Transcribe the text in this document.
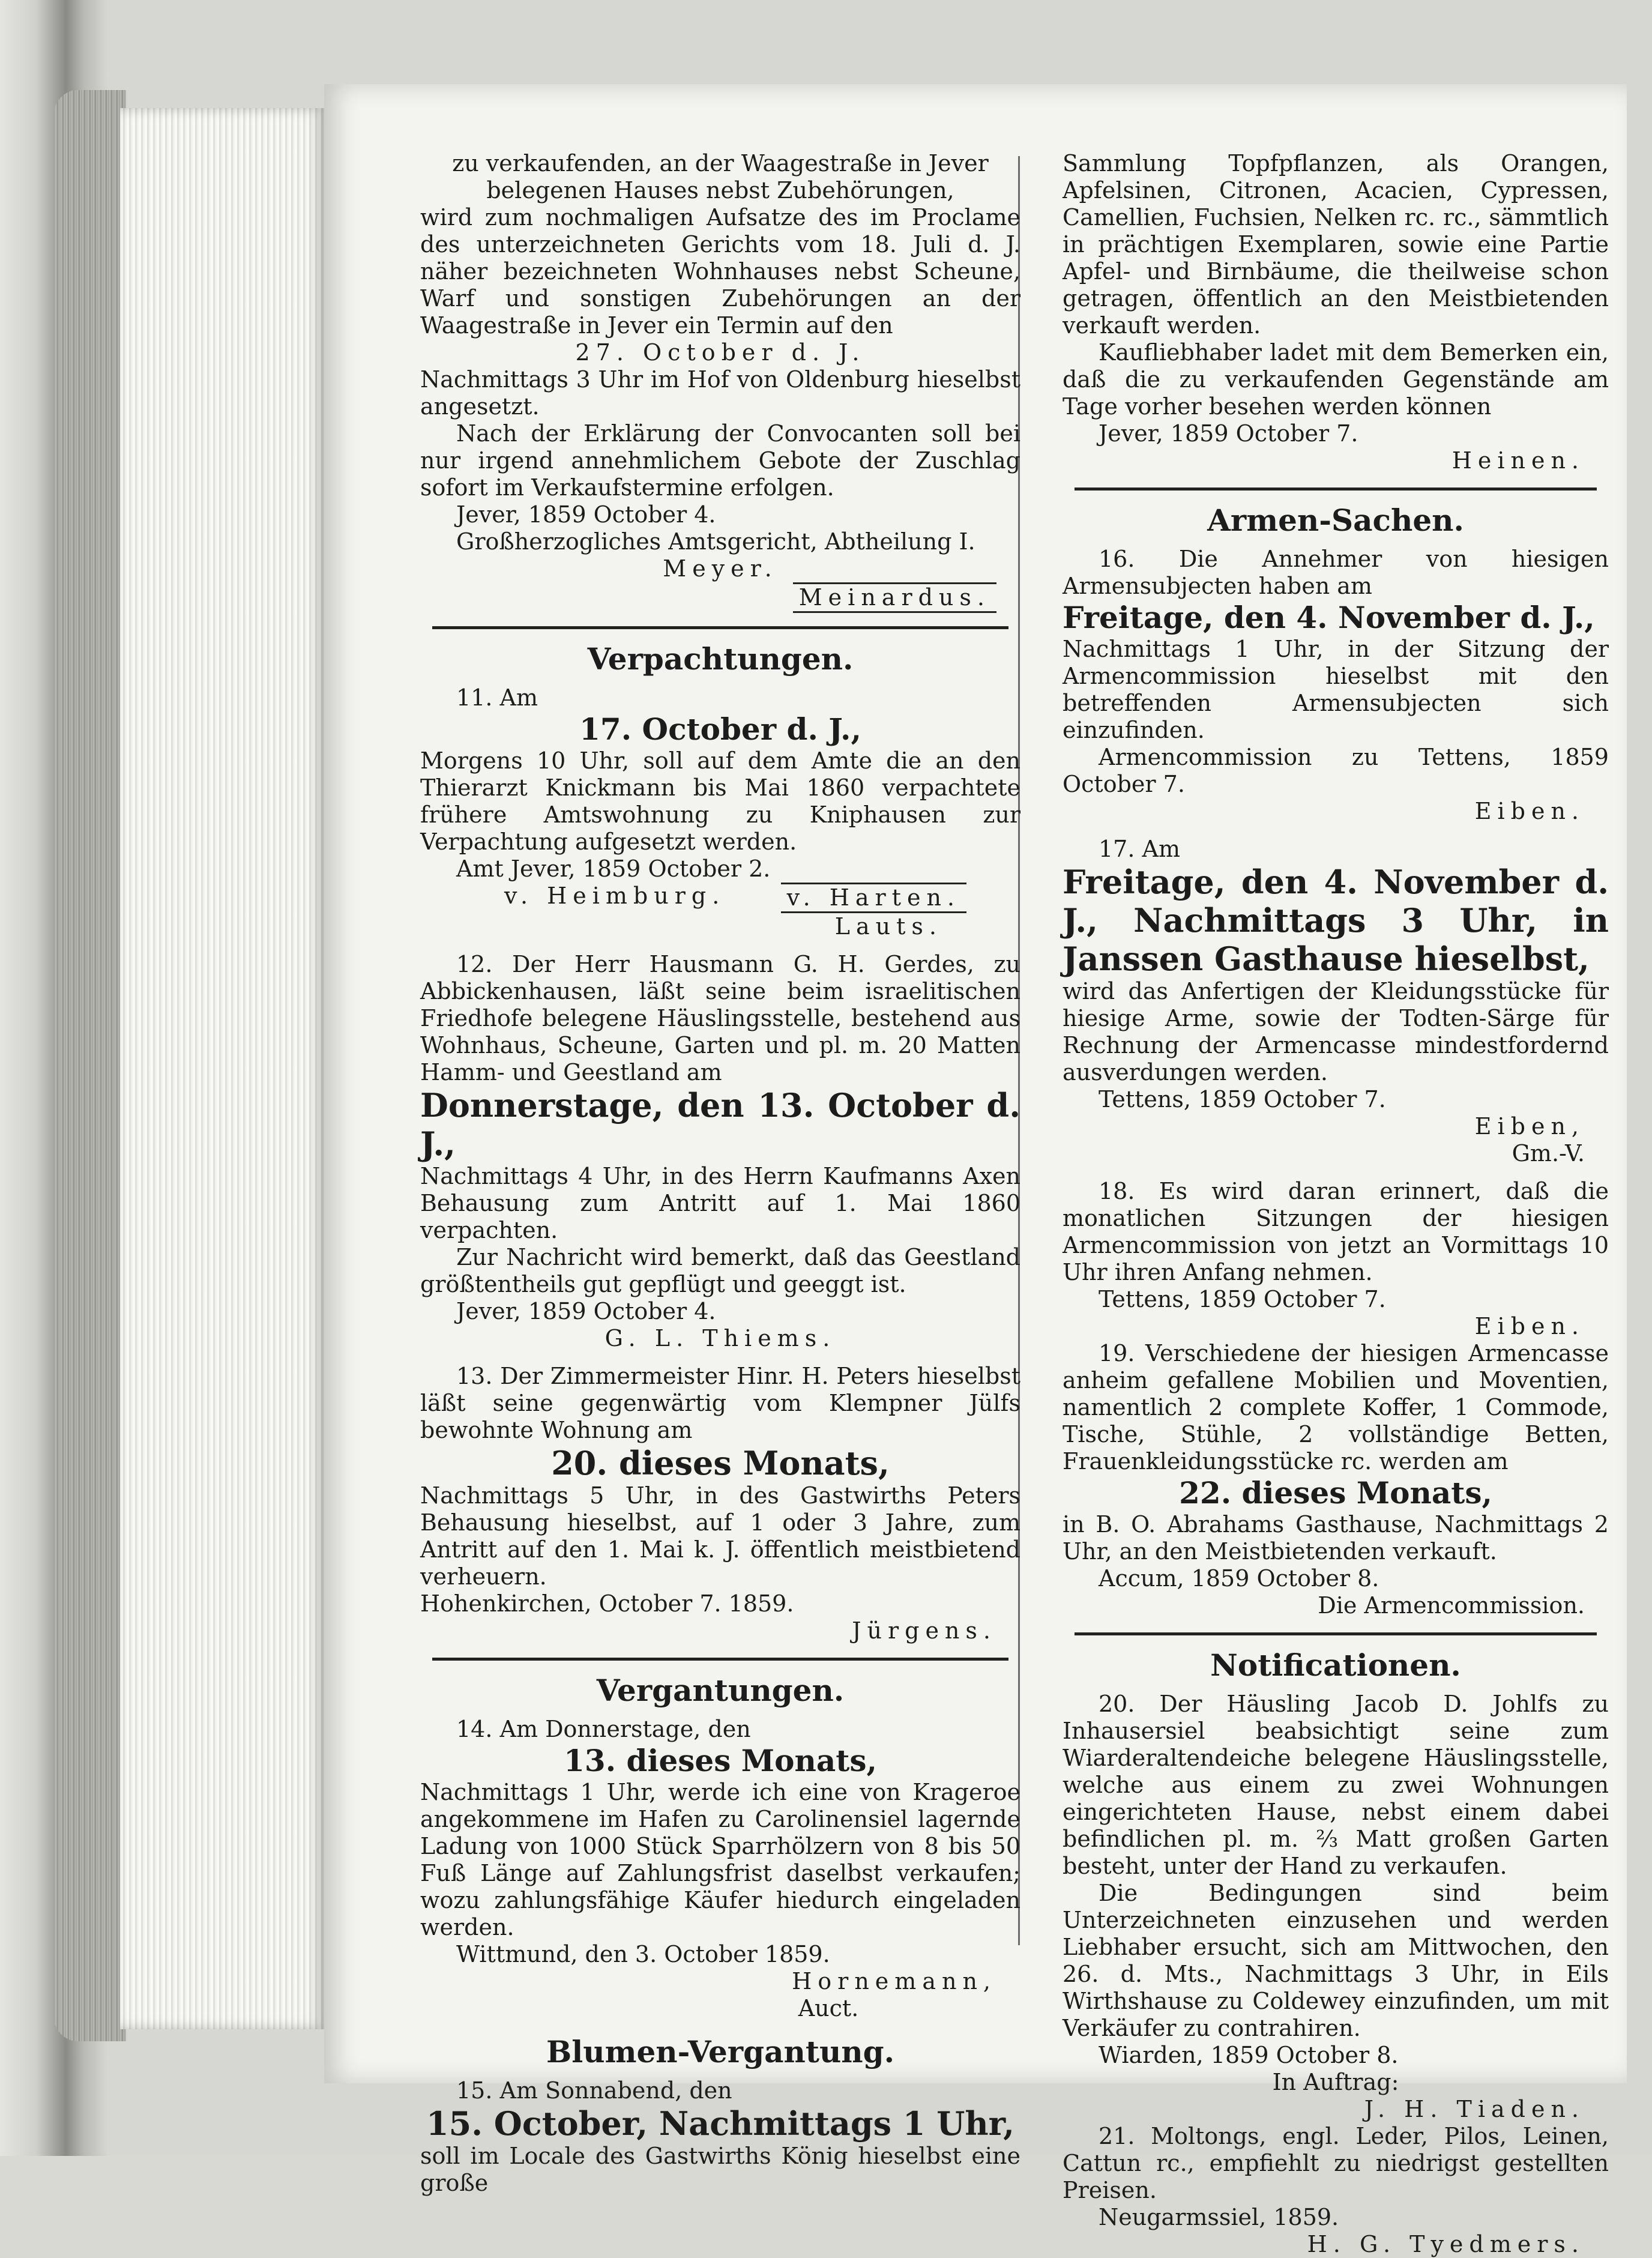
zu verkaufenden, an der Waagestraße in Jever

belegenen Hauses nebst Zubehörungen,

wird zum nochmaligen Aufsatze des im Proclame des unterzeichneten Gerichts vom 18. Juli d. J. näher bezeichneten Wohnhauses nebst Scheune, Warf und sonstigen Zubehörungen an der Waagestraße in Jever ein Termin auf den

27. October d. J.

Nachmittags 3 Uhr im Hof von Oldenburg hieselbst angesetzt.

Nach der Erklärung der Convocanten soll bei nur irgend annehmlichem Gebote der Zuschlag sofort im Verkaufstermine erfolgen.

Jever, 1859 October 4.

Großherzogliches Amtsgericht, Abtheilung I.

Meyer.

Meinardus.

Verpachtungen.

11. Am

17. October d. J.,

Morgens 10 Uhr, soll auf dem Amte die an den Thierarzt Knickmann bis Mai 1860 verpachtete frühere Amtswohnung zu Kniphausen zur Verpachtung aufgesetzt werden.

Amt Jever, 1859 October 2.

v. Heimburg.	v. Harten.

Lauts.

12. Der Herr Hausmann G. H. Gerdes, zu Abbickenhausen, läßt seine beim israelitischen Friedhofe belegene Häuslingsstelle, bestehend aus Wohnhaus, Scheune, Garten und pl. m. 20 Matten Hamm- und Geestland am

Donnerstage, den 13. October d. J.,

Nachmittags 4 Uhr, in des Herrn Kaufmanns Axen Behausung zum Antritt auf 1. Mai 1860 verpachten.

Zur Nachricht wird bemerkt, daß das Geestland größtentheils gut gepflügt und geeggt ist.

Jever, 1859 October 4.

G. L. Thiems.

13. Der Zimmermeister Hinr. H. Peters hieselbst läßt seine gegenwärtig vom Klempner Jülfs bewohnte Wohnung am

20. dieses Monats,

Nachmittags 5 Uhr, in des Gastwirths Peters Behausung hieselbst, auf 1 oder 3 Jahre, zum Antritt auf den 1. Mai k. J. öffentlich meistbietend verheuern.

Hohenkirchen, October 7. 1859.

Jürgens.

Vergantungen.

14. Am Donnerstage, den

13. dieses Monats,

Nachmittags 1 Uhr, werde ich eine von Krageroe angekommene im Hafen zu Carolinensiel lagernde Ladung von 1000 Stück Sparrhölzern von 8 bis 50 Fuß Länge auf Zahlungsfrist daselbst verkaufen; wozu zahlungsfähige Käufer hiedurch eingeladen werden.

Wittmund, den 3. October 1859.

Hornemann,

Auct.

Blumen-Vergantung.

15. Am Sonnabend, den

15. October, Nachmittags 1 Uhr,

soll im Locale des Gastwirths König hieselbst eine große

Sammlung Topfpflanzen, als Orangen, Apfelsinen, Citronen, Acacien, Cypressen, Camellien, Fuchsien, Nelken rc. rc., sämmtlich in prächtigen Exemplaren, sowie eine Partie Apfel- und Birnbäume, die theilweise schon getragen, öffentlich an den Meistbietenden verkauft werden.

Kaufliebhaber ladet mit dem Bemerken ein, daß die zu verkaufenden Gegenstände am Tage vorher besehen werden können

Jever, 1859 October 7.

Heinen.

Armen-Sachen.

16. Die Annehmer von hiesigen Armensubjecten haben am

Freitage, den 4. November d. J.,

Nachmittags 1 Uhr, in der Sitzung der Armencommission hieselbst mit den betreffenden Armensubjecten sich einzufinden.

Armencommission zu Tettens, 1859 October 7.

Eiben.

17. Am

Freitage, den 4. November d. J., Nachmittags 3 Uhr, in Janssen Gasthause hieselbst,

wird das Anfertigen der Kleidungsstücke für hiesige Arme, sowie der Todten-Särge für Rechnung der Armencasse mindestfordernd ausverdungen werden.

Tettens, 1859 October 7.

Eiben,

Gm.-V.

18. Es wird daran erinnert, daß die monatlichen Sitzungen der hiesigen Armencommission von jetzt an Vormittags 10 Uhr ihren Anfang nehmen.

Tettens, 1859 October 7.

Eiben.

19. Verschiedene der hiesigen Armencasse anheim gefallene Mobilien und Moventien, namentlich 2 complete Koffer, 1 Commode, Tische, Stühle, 2 vollständige Betten, Frauenkleidungsstücke rc. werden am

22. dieses Monats,

in B. O. Abrahams Gasthause, Nachmittags 2 Uhr, an den Meistbietenden verkauft.

Accum, 1859 October 8.

Die Armencommission.

Notificationen.

20. Der Häusling Jacob D. Johlfs zu Inhausersiel beabsichtigt seine zum Wiarderaltendeiche belegene Häuslingsstelle, welche aus einem zu zwei Wohnungen eingerichteten Hause, nebst einem dabei befindlichen pl. m. ⅔ Matt großen Garten besteht, unter der Hand zu verkaufen.

Die Bedingungen sind beim Unterzeichneten einzusehen und werden Liebhaber ersucht, sich am Mittwochen, den 26. d. Mts., Nachmittags 3 Uhr, in Eils Wirthshause zu Coldewey einzufinden, um mit Verkäufer zu contrahiren.

Wiarden, 1859 October 8.

In Auftrag:

J. H. Tiaden.

21. Moltongs, engl. Leder, Pilos, Leinen, Cattun rc., empfiehlt zu niedrigst gestellten Preisen.

Neugarmssiel, 1859.

H. G. Tyedmers.
